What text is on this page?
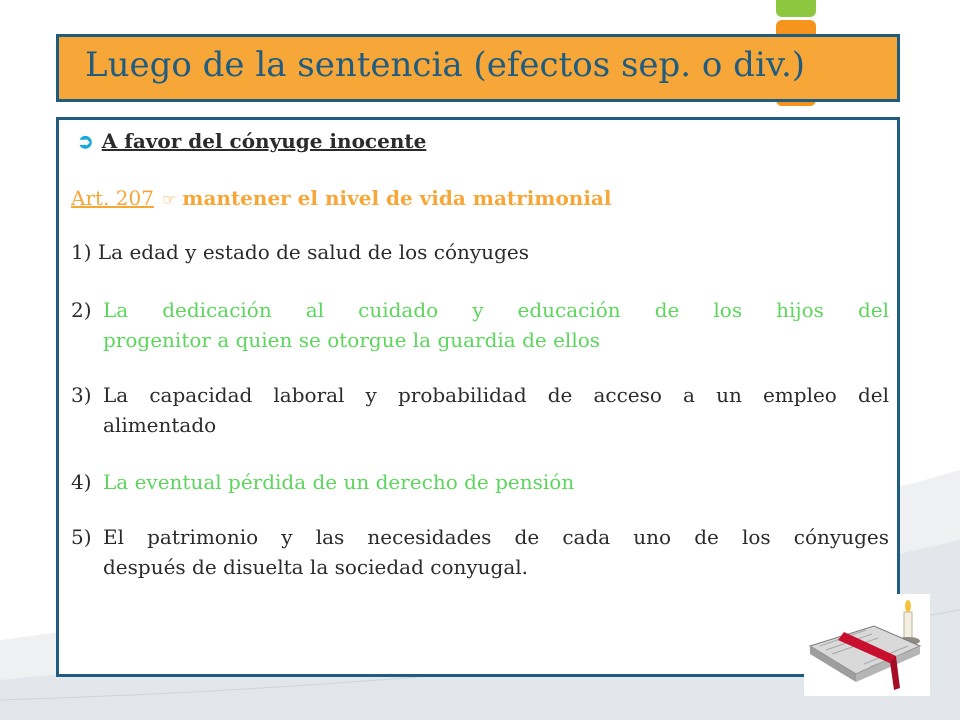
Luego de la sentencia (efectos sep. o div.)
➲ A favor del cónyuge inocente
Art. 207 ☞ mantener el nivel de vida matrimonial
1) La edad y estado de salud de los cónyuges
2) La dedicación al cuidado y educación de los hijos del
progenitor a quien se otorgue la guardia de ellos
3) La capacidad laboral y probabilidad de acceso a un empleo del
alimentado
4) La eventual pérdida de un derecho de pensión
5) El patrimonio y las necesidades de cada uno de los cónyuges
después de disuelta la sociedad conyugal.
